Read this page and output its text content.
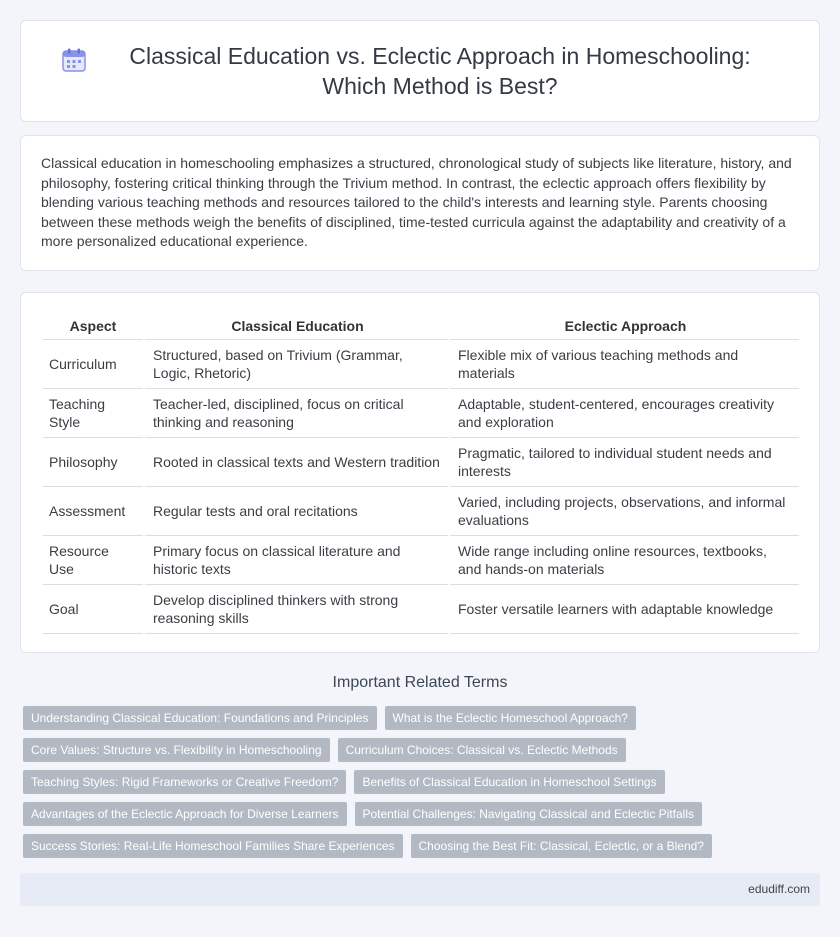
Classical Education vs. Eclectic Approach in Homeschooling: Which Method is Best?

Classical education in homeschooling emphasizes a structured, chronological study of subjects like literature, history, and philosophy, fostering critical thinking through the Trivium method. In contrast, the eclectic approach offers flexibility by blending various teaching methods and resources tailored to the child's interests and learning style. Parents choosing between these methods weigh the benefits of disciplined, time-tested curricula against the adaptability and creativity of a more personalized educational experience.

Aspect	Classical Education	Eclectic Approach
Curriculum	Structured, based on Trivium (Grammar, Logic, Rhetoric)	Flexible mix of various teaching methods and materials
Teaching Style	Teacher-led, disciplined, focus on critical thinking and reasoning	Adaptable, student-centered, encourages creativity and exploration
Philosophy	Rooted in classical texts and Western tradition	Pragmatic, tailored to individual student needs and interests
Assessment	Regular tests and oral recitations	Varied, including projects, observations, and informal evaluations
Resource Use	Primary focus on classical literature and historic texts	Wide range including online resources, textbooks, and hands-on materials
Goal	Develop disciplined thinkers with strong reasoning skills	Foster versatile learners with adaptable knowledge
Important Related Terms
Understanding Classical Education: Foundations and Principles	What is the Eclectic Homeschool Approach?
Core Values: Structure vs. Flexibility in Homeschooling	Curriculum Choices: Classical vs. Eclectic Methods
Teaching Styles: Rigid Frameworks or Creative Freedom?	Benefits of Classical Education in Homeschool Settings
Advantages of the Eclectic Approach for Diverse Learners	Potential Challenges: Navigating Classical and Eclectic Pitfalls
Success Stories: Real-Life Homeschool Families Share Experiences	Choosing the Best Fit: Classical, Eclectic, or a Blend?
edudiff.com
